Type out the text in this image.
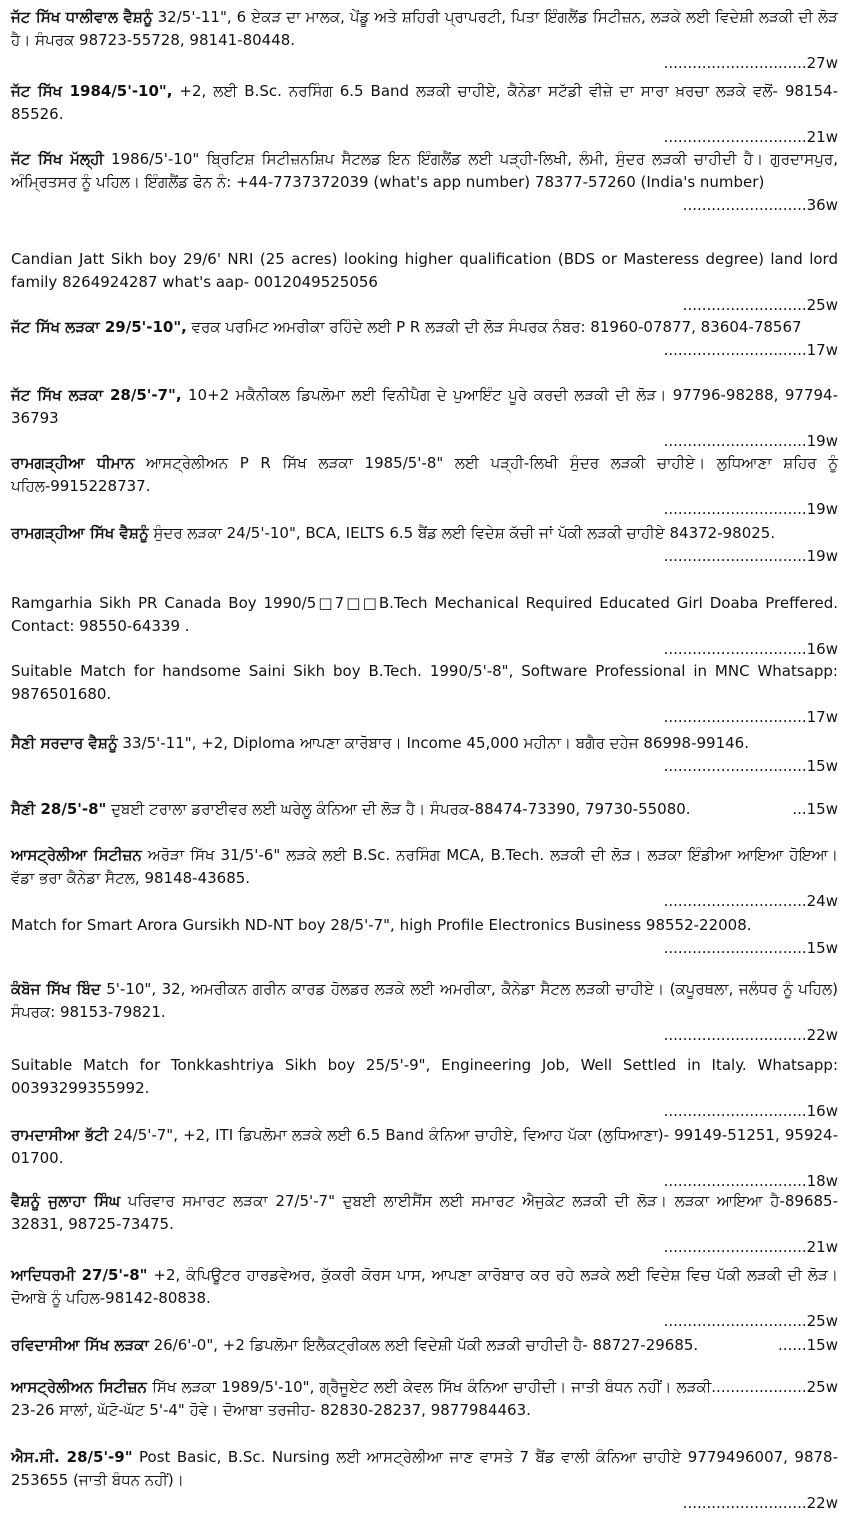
ਜੱਟ ਸਿੱਖ ਧਾਲੀਵਾਲ ਵੈਸ਼ਨੂੰ 32/5'-11", 6 ਏਕੜ ਦਾ ਮਾਲਕ, ਪੇਂਡੂ ਅਤੇ ਸ਼ਹਿਰੀ ਪ੍ਰਾਪਰਟੀ, ਪਿਤਾ ਇੰਗਲੈਂਡ ਸਿਟੀਜ਼ਨ, ਲੜਕੇ ਲਈ ਵਿਦੇਸ਼ੀ ਲੜਕੀ ਦੀ ਲੋੜ ਹੈ। ਸੰਪਰਕ 98723-55728, 98141-80448.
..............................27w
ਜੱਟ ਸਿੱਖ 1984/5'-10", +2, ਲਈ B.Sc. ਨਰਸਿੰਗ 6.5 Band ਲੜਕੀ ਚਾਹੀਏ, ਕੈਨੇਡਾ ਸਟੱਡੀ ਵੀਜ਼ੇ ਦਾ ਸਾਰਾ ਖ਼ਰਚਾ ਲੜਕੇ ਵਲੋਂ- 98154-85526.
..............................21w
ਜੱਟ ਸਿੱਖ ਮੱਲ੍ਹੀ 1986/5'-10" ਬ੍ਰਿਟਿਸ਼ ਸਿਟੀਜ਼ਨਸ਼ਿਪ ਸੈਟਲਡ ਇਨ ਇੰਗਲੈਂਡ ਲਈ ਪੜ੍ਹੀ-ਲਿਖੀ, ਲੰਮੀ, ਸੁੰਦਰ ਲੜਕੀ ਚਾਹੀਦੀ ਹੈ। ਗੁਰਦਾਸਪੁਰ, ਅੰਮ੍ਰਿਤਸਰ ਨੂੰ ਪਹਿਲ। ਇੰਗਲੈਂਡ ਫੋਨ ਨੰ: +44-7737372039 (what's app number) 78377-57260 (India's number)
..........................36w
Candian Jatt Sikh boy 29/6' NRI (25 acres) looking higher qualification (BDS or Masteress degree) land lord family 8264924287 what's aap- 0012049525056
..........................25w
ਜੱਟ ਸਿੱਖ ਲੜਕਾ 29/5'-10", ਵਰਕ ਪਰਮਿਟ ਅਮਰੀਕਾ ਰਹਿੰਦੇ ਲਈ P R ਲੜਕੀ ਦੀ ਲੋੜ ਸੰਪਰਕ ਨੰਬਰ: 81960-07877, 83604-78567
..............................17w
ਜੱਟ ਸਿੱਖ ਲੜਕਾ 28/5'-7", 10+2 ਮਕੈਨੀਕਲ ਡਿਪਲੋਮਾ ਲਈ ਵਿਨੀਪੈਗ ਦੇ ਪੁਆਇੰਟ ਪੂਰੇ ਕਰਦੀ ਲੜਕੀ ਦੀ ਲੋੜ। 97796-98288, 97794-36793
..............................19w
ਰਾਮਗੜ੍ਹੀਆ ਧੀਮਾਨ ਆਸਟ੍ਰੇਲੀਅਨ P R ਸਿੱਖ ਲੜਕਾ 1985/5'-8" ਲਈ ਪੜ੍ਹੀ-ਲਿਖੀ ਸੁੰਦਰ ਲੜਕੀ ਚਾਹੀਏ। ਲੁਧਿਆਣਾ ਸ਼ਹਿਰ ਨੂੰ ਪਹਿਲ-9915228737.
..............................19w
ਰਾਮਗੜ੍ਹੀਆ ਸਿੱਖ ਵੈਸ਼ਨੂੰ ਸੁੰਦਰ ਲੜਕਾ 24/5'-10", BCA, IELTS 6.5 ਬੈਂਡ ਲਈ ਵਿਦੇਸ਼ ਕੱਚੀ ਜਾਂ ਪੱਕੀ ਲੜਕੀ ਚਾਹੀਏ 84372-98025.
..............................19w
Ramgarhia Sikh PR Canada Boy 1990/5□7□□B.Tech Mechanical Required Educated Girl Doaba Preffered. Contact: 98550-64339 .
..............................16w
Suitable Match for handsome Saini Sikh boy B.Tech. 1990/5'-8", Software Professional in MNC Whatsapp: 9876501680.
..............................17w
ਸੈਣੀ ਸਰਦਾਰ ਵੈਸ਼ਨੂੰ 33/5'-11", +2, Diploma ਆਪਣਾ ਕਾਰੋਬਾਰ। Income 45,000 ਮਹੀਨਾ। ਬਗੈਰ ਦਹੇਜ 86998-99146.
..............................15w
...15w
ਸੈਣੀ 28/5'-8" ਦੁਬਈ ਟਰਾਲਾ ਡਰਾਈਵਰ ਲਈ ਘਰੇਲੂ ਕੰਨਿਆ ਦੀ ਲੋੜ ਹੈ। ਸੰਪਰਕ-88474-73390, 79730-55080.
ਆਸਟ੍ਰੇਲੀਆ ਸਿਟੀਜ਼ਨ ਅਰੋੜਾ ਸਿੱਖ 31/5'-6" ਲੜਕੇ ਲਈ B.Sc. ਨਰਸਿੰਗ MCA, B.Tech. ਲੜਕੀ ਦੀ ਲੋੜ। ਲੜਕਾ ਇੰਡੀਆ ਆਇਆ ਹੋਇਆ। ਵੱਡਾ ਭਰਾ ਕੈਨੇਡਾ ਸੈਟਲ, 98148-43685.
..............................24w
Match for Smart Arora Gursikh ND-NT boy 28/5'-7", high Profile Electronics Business 98552-22008.
..............................15w
ਕੰਬੋਜ ਸਿੱਖ ਬਿੰਦ 5'-10", 32, ਅਮਰੀਕਨ ਗਰੀਨ ਕਾਰਡ ਹੋਲਡਰ ਲੜਕੇ ਲਈ ਅਮਰੀਕਾ, ਕੈਨੇਡਾ ਸੈਟਲ ਲੜਕੀ ਚਾਹੀਏ। (ਕਪੂਰਥਲਾ, ਜਲੰਧਰ ਨੂੰ ਪਹਿਲ) ਸੰਪਰਕ: 98153-79821.
..............................22w
Suitable Match for Tonkkashtriya Sikh boy 25/5'-9", Engineering Job, Well Settled in Italy. Whatsapp: 00393299355992.
..............................16w
ਰਾਮਦਾਸੀਆ ਭੱਟੀ 24/5'-7", +2, ITI ਡਿਪਲੋਮਾ ਲੜਕੇ ਲਈ 6.5 Band ਕੰਨਿਆ ਚਾਹੀਏ, ਵਿਆਹ ਪੱਕਾ (ਲੁਧਿਆਣਾ)- 99149-51251, 95924-01700.
..............................18w
ਵੈਸ਼ਨੂੰ ਜੁਲਾਹਾ ਸਿੰਘ ਪਰਿਵਾਰ ਸਮਾਰਟ ਲੜਕਾ 27/5'-7" ਦੁਬਈ ਲਾਈਸੈਂਸ ਲਈ ਸਮਾਰਟ ਐਜੁਕੇਟ ਲੜਕੀ ਦੀ ਲੋੜ। ਲੜਕਾ ਆਇਆ ਹੈ-89685-32831, 98725-73475.
..............................21w
ਆਦਿਧਰਮੀ 27/5'-8" +2, ਕੰਪਿਊਟਰ ਹਾਰਡਵੇਅਰ, ਕੁੱਕਰੀ ਕੋਰਸ ਪਾਸ, ਆਪਣਾ ਕਾਰੋਬਾਰ ਕਰ ਰਹੇ ਲੜਕੇ ਲਈ ਵਿਦੇਸ਼ ਵਿਚ ਪੱਕੀ ਲੜਕੀ ਦੀ ਲੋੜ। ਦੋਆਬੇ ਨੂੰ ਪਹਿਲ-98142-80838.
..............................25w
......15w
ਰਵਿਦਾਸੀਆ ਸਿੱਖ ਲੜਕਾ 26/6'-0", +2 ਡਿਪਲੋਮਾ ਇਲੈਕਟ੍ਰੀਕਲ ਲਈ ਵਿਦੇਸ਼ੀ ਪੱਕੀ ਲੜਕੀ ਚਾਹੀਦੀ ਹੈ- 88727-29685.
....................25w
ਆਸਟ੍ਰੇਲੀਅਨ ਸਿਟੀਜ਼ਨ ਸਿੱਖ ਲੜਕਾ 1989/5'-10", ਗ੍ਰੈਜੂਏਟ ਲਈ ਕੇਵਲ ਸਿੱਖ ਕੰਨਿਆ ਚਾਹੀਦੀ। ਜਾਤੀ ਬੰਧਨ ਨਹੀਂ। ਲੜਕੀ 23-26 ਸਾਲਾਂ, ਘੱਟੋ-ਘੱਟ 5'-4" ਹੋਵੇ। ਦੋਆਬਾ ਤਰਜੀਹ- 82830-28237, 9877984463.
ਐਸ.ਸੀ. 28/5'-9" Post Basic, B.Sc. Nursing ਲਈ ਆਸਟ੍ਰੇਲੀਆ ਜਾਣ ਵਾਸਤੇ 7 ਬੈਂਡ ਵਾਲੀ ਕੰਨਿਆ ਚਾਹੀਏ 9779496007, 9878-253655 (ਜਾਤੀ ਬੰਧਨ ਨਹੀਂ)।
..........................22w
